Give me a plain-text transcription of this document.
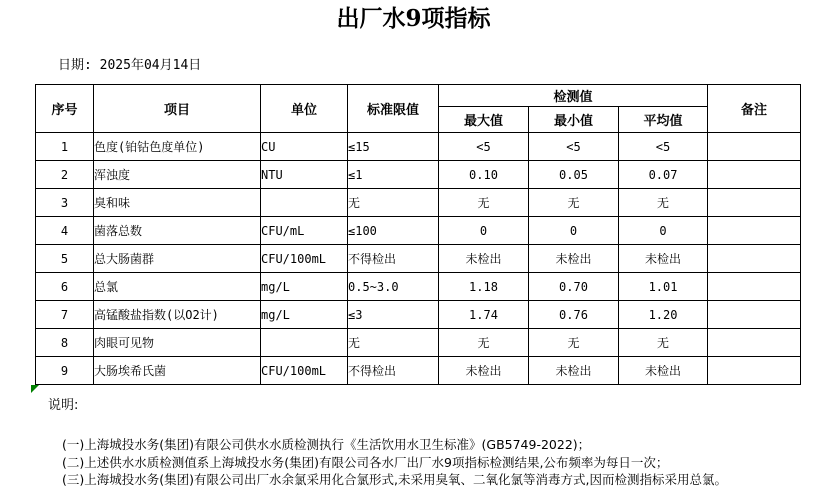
出厂水9项指标
日期: 2025年04月14日
序号	项目	单位	标准限值	检测值			备注
				最大值	最小值	平均值	
1	色度(铂钴色度单位)	CU	≤15	<5	<5	<5	
2	浑浊度	NTU	≤1	0.10	0.05	0.07	
3	臭和味		无	无	无	无	
4	菌落总数	CFU/mL	≤100	0	0	0	
5	总大肠菌群	CFU/100mL	不得检出	未检出	未检出	未检出	
6	总氯	mg/L	0.5~3.0	1.18	0.70	1.01	
7	高锰酸盐指数(以O2计)	mg/L	≤3	1.74	0.76	1.20	
8	肉眼可见物		无	无	无	无	
9	大肠埃希氏菌	CFU/100mL	不得检出	未检出	未检出	未检出	
说明:
(一)上海城投水务(集团)有限公司供水水质检测执行《生活饮用水卫生标准》(GB5749-2022)；
(二)上述供水水质检测值系上海城投水务(集团)有限公司各水厂出厂水9项指标检测结果,公布频率为每日一次；
(三)上海城投水务(集团)有限公司出厂水余氯采用化合氯形式,未采用臭氧、二氧化氯等消毒方式,因而检测指标采用总氯。
